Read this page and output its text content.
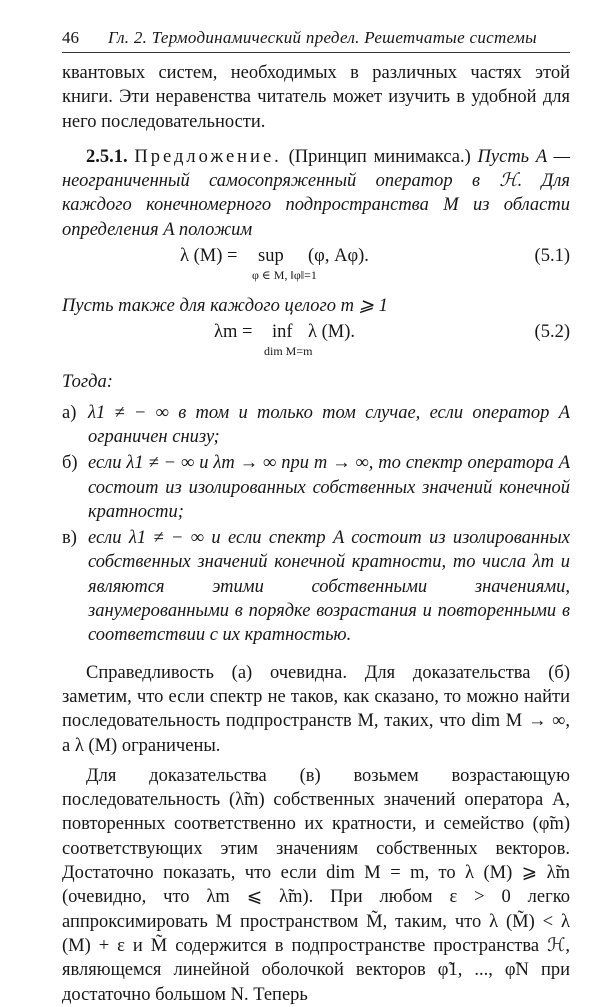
46	Гл. 2. Термодинамический предел. Решетчатые системы

квантовых систем, необходимых в различных частях этой книги. Эти неравенства читатель может изучить в удобной для него последовательности.

2.5.1. Предложение. (Принцип минимакса.) Пусть A — неограниченный самосопряженный оператор в ℋ. Для каждого конечномерного подпространства M из области определения A положим

λ (M) = sup (φ, Aφ).
φ ∈ M, ‖φ‖=1
(5.1)

Пусть также для каждого целого m ⩾ 1

λm = inf λ (M).
dim M=m
(5.2)

Тогда:

а) λ1 ≠ − ∞ в том и только том случае, если оператор A ограничен снизу;
б) если λ1 ≠ − ∞ и λm → ∞ при m → ∞, то спектр оператора A состоит из изолированных собственных значений конечной кратности;
в) если λ1 ≠ − ∞ и если спектр A состоит из изолированных собственных значений конечной кратности, то числа λm и являются этими собственными значениями, занумерованными в порядке возрастания и повторенными в соответствии с их кратностью.

Справедливость (а) очевидна. Для доказательства (б) заметим, что если спектр не таков, как сказано, то можно найти последовательность подпространств M, таких, что dim M → ∞, а λ (M) ограничены.

Для доказательства (в) возьмем возрастающую последовательность (λ̃m) собственных значений оператора A, повторенных соответственно их кратности, и семейство (φ̃m) соответствующих этим значениям собственных векторов. Достаточно показать, что если dim M = m, то λ (M) ⩾ λ̃m (очевидно, что λm ⩽ λ̃m). При любом ε > 0 легко аппроксимировать M пространством M̃, таким, что λ (M̃) < λ (M) + ε и M̃ содержится в подпространстве пространства ℋ, являющемся линейной оболочкой векторов φ̃1, ..., φ̃N при достаточно большом N. Теперь
